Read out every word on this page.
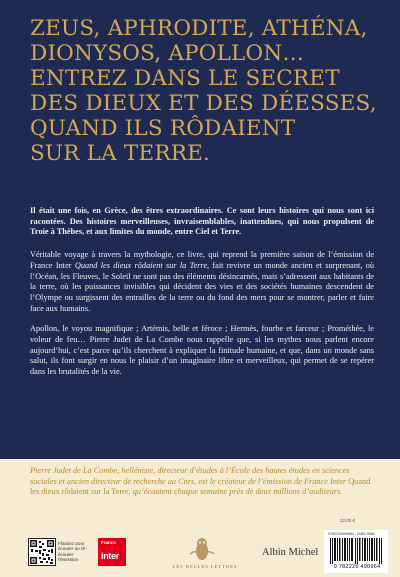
ZEUS, APHRODITE, ATHÉNA,
DIONYSOS, APOLLON…
ENTREZ DANS LE SECRET
DES DIEUX ET DES DÉESSES,
QUAND ILS RÔDAIENT
SUR LA TERRE.

Il était une fois, en Grèce, des êtres extraordinaires. Ce sont leurs histoires qui nous sont ici racontées. Des histoires merveilleuses, invraisemblables, inattendues, qui nous propulsent de Troie à Thèbes, et aux limites du monde, entre Ciel et Terre.

Véritable voyage à travers la mythologie, ce livre, qui reprend la première saison de l’émission de France Inter Quand les dieux rôdaient sur la Terre, fait revivre un monde ancien et surprenant, où l’Océan, les Fleuves, le Soleil ne sont pas des éléments désincarnés, mais s’adressent aux habitants de la terre, où les puissances invisibles qui décident des vies et des sociétés humaines descendent de l’Olympe ou surgissent des entrailles de la terre ou du fond des mers pour se montrer, parler et faire face aux humains.

Apollon, le voyou magnifique ; Artémis, belle et féroce ; Hermès, fourbe et farceur ; Prométhée, le voleur de feu… Pierre Judet de La Combe nous rappelle que, si les mythes nous parlent encore aujourd’hui, c’est parce qu’ils cherchent à expliquer la finitude humaine, et que, dans un monde sans salut, ils font surgir en nous le plaisir d’un imaginaire libre et merveilleux, qui permet de se repérer dans les brutalités de la vie.

Pierre Judet de La Combe, helléniste, directeur d’études à l’École des hautes études en sciences sociales et ancien directeur de recherche au Cnrs, est le créateur de l’émission de France Inter Quand les dieux rôdaient sur la Terre, qu’écoutent chaque semaine près de deux millions d’auditeurs.

22,00 €
Flashez pour écouter ou ré-écouter l’émission
France
inter
LES BELLES LETTRES
Albin Michel
9782226490964 - ISBN 9356
9 782226 490964
